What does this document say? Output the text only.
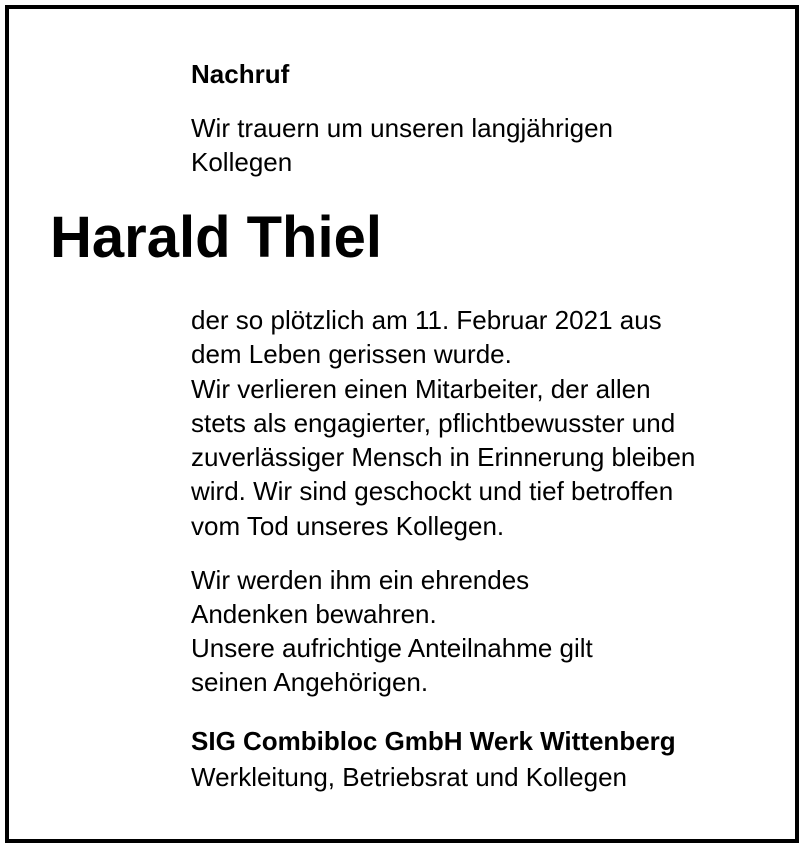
Nachruf
Wir trauern um unseren langjährigen
Kollegen
Harald Thiel
der so plötzlich am 11. Februar 2021 aus
dem Leben gerissen wurde.
Wir verlieren einen Mitarbeiter, der allen
stets als engagierter, pflichtbewusster und
zuverlässiger Mensch in Erinnerung bleiben
wird. Wir sind geschockt und tief betroffen
vom Tod unseres Kollegen.
Wir werden ihm ein ehrendes
Andenken bewahren.
Unsere aufrichtige Anteilnahme gilt
seinen Angehörigen.
SIG Combibloc GmbH Werk Wittenberg
Werkleitung, Betriebsrat und Kollegen
